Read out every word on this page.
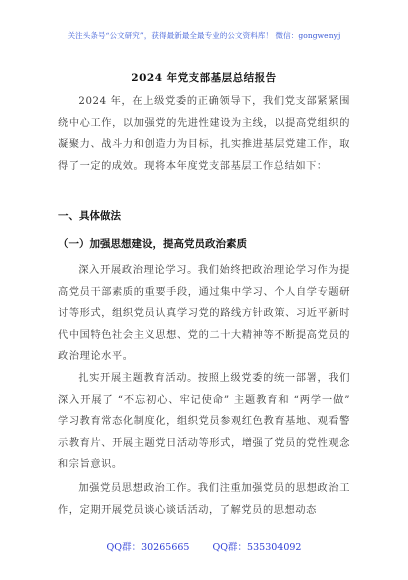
关注头条号“公文研究”，获得最新最全最专业的公文资料库！ 微信：gongwenyj
2024 年党支部基层总结报告

2024 年，在上级党委的正确领导下，我们党支部紧紧围绕中心工作，以加强党的先进性建设为主线，以提高党组织的凝聚力、战斗力和创造力为目标，扎实推进基层党建工作，取得了一定的成效。现将本年度党支部基层工作总结如下：

一、具体做法
（一）加强思想建设，提高党员政治素质

深入开展政治理论学习。我们始终把政治理论学习作为提高党员干部素质的重要手段，通过集中学习、个人自学专题研讨等形式，组织党员认真学习党的路线方针政策、习近平新时代中国特色社会主义思想、党的二十大精神等不断提高党员的政治理论水平。

扎实开展主题教育活动。按照上级党委的统一部署，我们深入开展了 “不忘初心、牢记使命” 主题教育和 “两学一做” 学习教育常态化制度化，组织党员参观红色教育基地、观看警示教育片、开展主题党日活动等形式，增强了党员的党性观念和宗旨意识。

加强党员思想政治工作。我们注重加强党员的思想政治工作，定期开展党员谈心谈话活动，了解党员的思想动态

QQ群：30265665 QQ群：535304092
